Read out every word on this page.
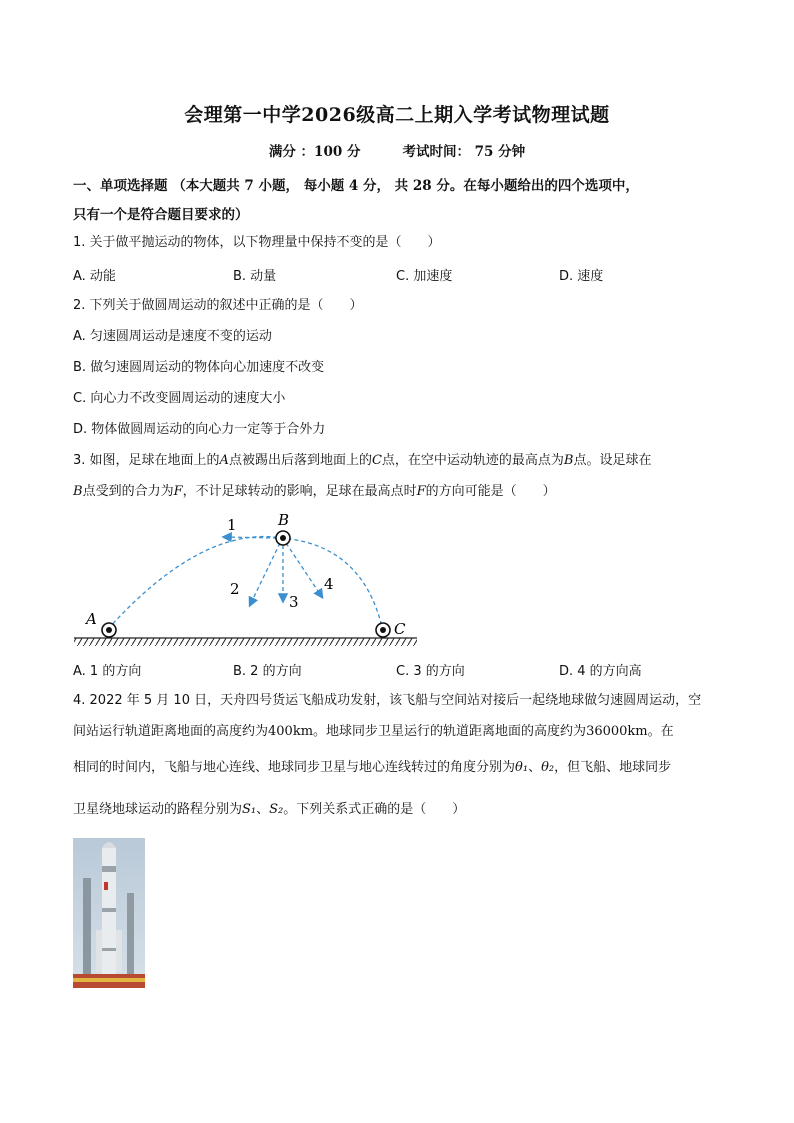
会理第一中学2026级高二上期入学考试物理试题
满分 ：100 分	考试时间： 75 分钟
一、单项选择题 （本大题共 7 小题， 每小题 4 分， 共 28 分。在每小题给出的四个选项中，
只有一个是符合题目要求的）
1. 关于做平抛运动的物体，以下物理量中保持不变的是（　　）
A. 动能	B. 动量	C. 加速度	D. 速度
2. 下列关于做圆周运动的叙述中正确的是（　　）
A. 匀速圆周运动是速度不变的运动
B. 做匀速圆周运动的物体向心加速度不改变
C. 向心力不改变圆周运动的速度大小
D. 物体做圆周运动的向心力一定等于合外力
3. 如图，足球在地面上的A点被踢出后落到地面上的C点，在空中运动轨迹的最高点为B点。设足球在
B点受到的合力为F，不计足球转动的影响，足球在最高点时F的方向可能是（　　）
A
B
C
1
2
3
4
A. 1 的方向	B. 2 的方向	C. 3 的方向	D. 4 的方向高
4. 2022 年 5 月 10 日，天舟四号货运飞船成功发射，该飞船与空间站对接后一起绕地球做匀速圆周运动，空
间站运行轨道距离地面的高度约为400km。地球同步卫星运行的轨道距离地面的高度约为36000km。在
相同的时间内，飞船与地心连线、地球同步卫星与地心连线转过的角度分别为θ₁、θ₂，但飞船、地球同步
卫星绕地球运动的路程分别为S₁、S₂。下列关系式正确的是（　　）
